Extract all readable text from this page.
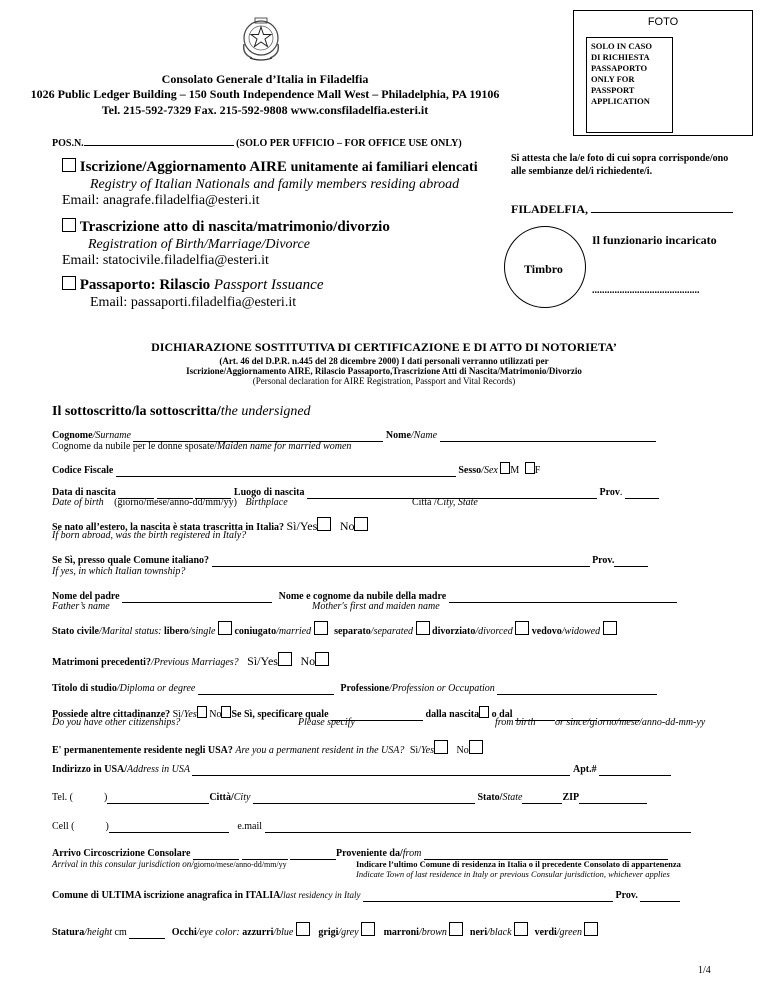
Consolato Generale d’Italia in Filadelfia
1026 Public Ledger Building – 150 South Independence Mall West – Philadelphia, PA 19106
Tel. 215-592-7329 Fax. 215-592-9808 www.consfiladelfia.esteri.it
FOTO
SOLO IN CASO
DI RICHIESTA
PASSAPORTO
ONLY FOR
PASSPORT
APPLICATION
POS.N.	(SOLO PER UFFICIO – FOR OFFICE USE ONLY)
Iscrizione/Aggiornamento AIRE unitamente ai familiari elencati
Registry of Italian Nationals and family members residing abroad
Email: anagrafe.filadelfia@esteri.it
Trascrizione atto di nascita/matrimonio/divorzio
Registration of Birth/Marriage/Divorce
Email: statocivile.filadelfia@esteri.it
Passaporto: Rilascio Passport Issuance
Email: passaporti.filadelfia@esteri.it
Si attesta che la/e foto di cui sopra corrisponde/ono
alle sembianze del/i richiedente/i.
FILADELFIA,
Il funzionario incaricato
Timbro
...........................................
DICHIARAZIONE SOSTITUTIVA DI CERTIFICAZIONE E DI ATTO DI NOTORIETA’
(Art. 46 del D.P.R. n.445 del 28 dicembre 2000) I dati personali verranno utilizzati per
Iscrizione/Aggiornamento AIRE, Rilascio Passaporto,Trascrizione Atti di Nascita/Matrimonio/Divorzio
(Personal declaration for AIRE Registration, Passport and Vital Records)
Il sottoscritto/la sottoscritta/the undersigned
Cognome/Surname	Nome/Name
Cognome da nubile per le donne sposate/Maiden name for married women
Codice Fiscale	Sesso/Sex M F
Data di nascita	Luogo di nascita	Prov.
Date of birth (giorno/mese/anno-dd/mm/yy) Birthplace	Città /City, State
Se nato all’estero, la nascita è stata trascritta in Italia? Sì/Yes No
If born abroad, was the birth registered in Italy?
Se Sì, presso quale Comune italiano?	Prov.
If yes, in which Italian township?
Nome del padre	Nome e cognome da nubile della madre
Father’s name	Mother's first and maiden name
Stato civile/Marital status: libero/single coniugato/married separato/separated divorziato/divorced vedovo/widowed
Matrimoni precedenti?/Previous Marriages? Sì/Yes No
Titolo di studio/Diploma or degree	Professione/Profession or Occupation
Possiede altre cittadinanze? Sì/Yes No Se Sì, specificare quale	dalla nascita o dal
Do you have other citizenships?	Please specify	from birth or since/giorno/mese/anno-dd-mm-yy
E' permanentemente residente negli USA? Are you a permanent resident in the USA? Sì/Yes No
Indirizzo in USA/Address in USA	Apt.#
Tel. (	)	Città/City	Stato/State	ZIP
Cell (	)	e.mail
Arrivo Circoscrizione Consolare	Proveniente da/from
Arrival in this consular jurisdiction on/giorno/mese/anno-dd/mm/yy	Indicare l’ultimo Comune di residenza in Italia o il precedente Consolato di appartenenza
Indicate Town of last residence in Italy or previous Consular jurisdiction, whichever applies
Comune di ULTIMA iscrizione anagrafica in ITALIA/last residency in Italy	Prov.
Statura/height cm	Occhi/eye color: azzurri/blue	grigi/grey	marroni/brown neri/black verdi/green
1/4
